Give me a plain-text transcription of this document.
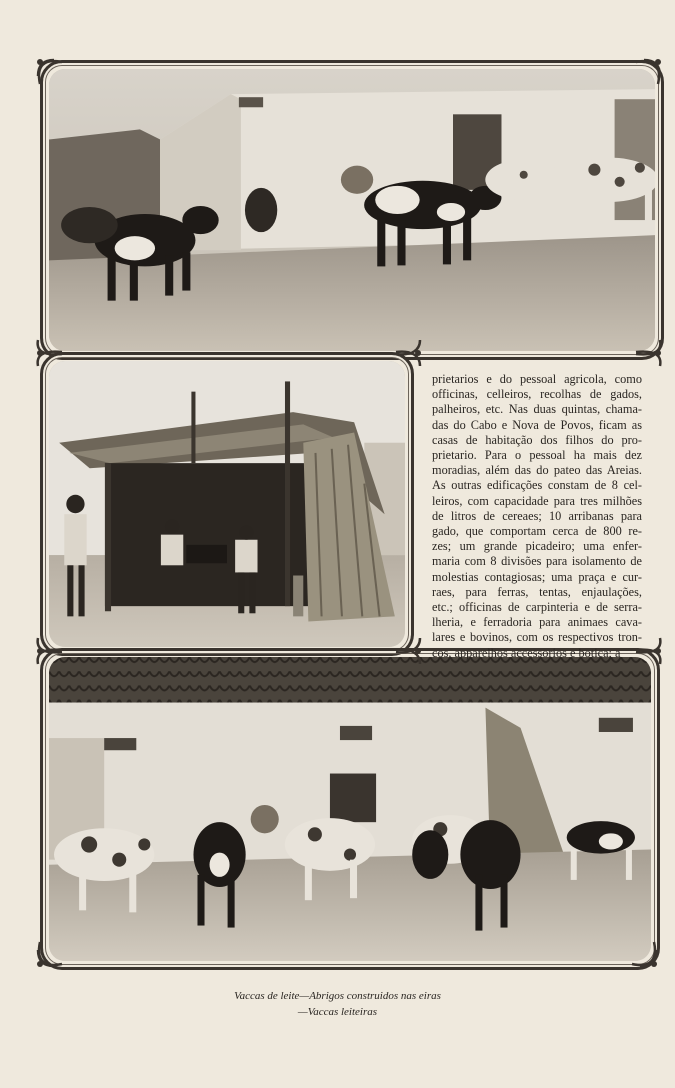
prietarios e do pessoal agricola, como
officinas, celleiros, recolhas de gados,
palheiros, etc. Nas duas quintas, chama-
das do Cabo e Nova de Povos, ficam as
casas de habitação dos filhos do pro-
prietario. Para o pessoal ha mais dez
moradias, além das do pateo das Areias.
As outras edificações constam de 8 cel-
leiros, com capacidade para tres milhões
de litros de cereaes; 10 arribanas para
gado, que comportam cerca de 800 re-
zes; um grande picadeiro; uma enfer-
maria com 8 divisões para isolamento de
molestias contagiosas; uma praça e cur-
raes, para ferras, tentas, enjaulações,
etc.; officinas de carpinteria e de serra-
lheria, e ferradoria para animaes cava-
lares e bovinos, com os respectivos tron-
cos, apparelhos accessorios e botica; a
Vaccas de leite—Abrigos construidos nas eiras
—Vaccas leiteiras
